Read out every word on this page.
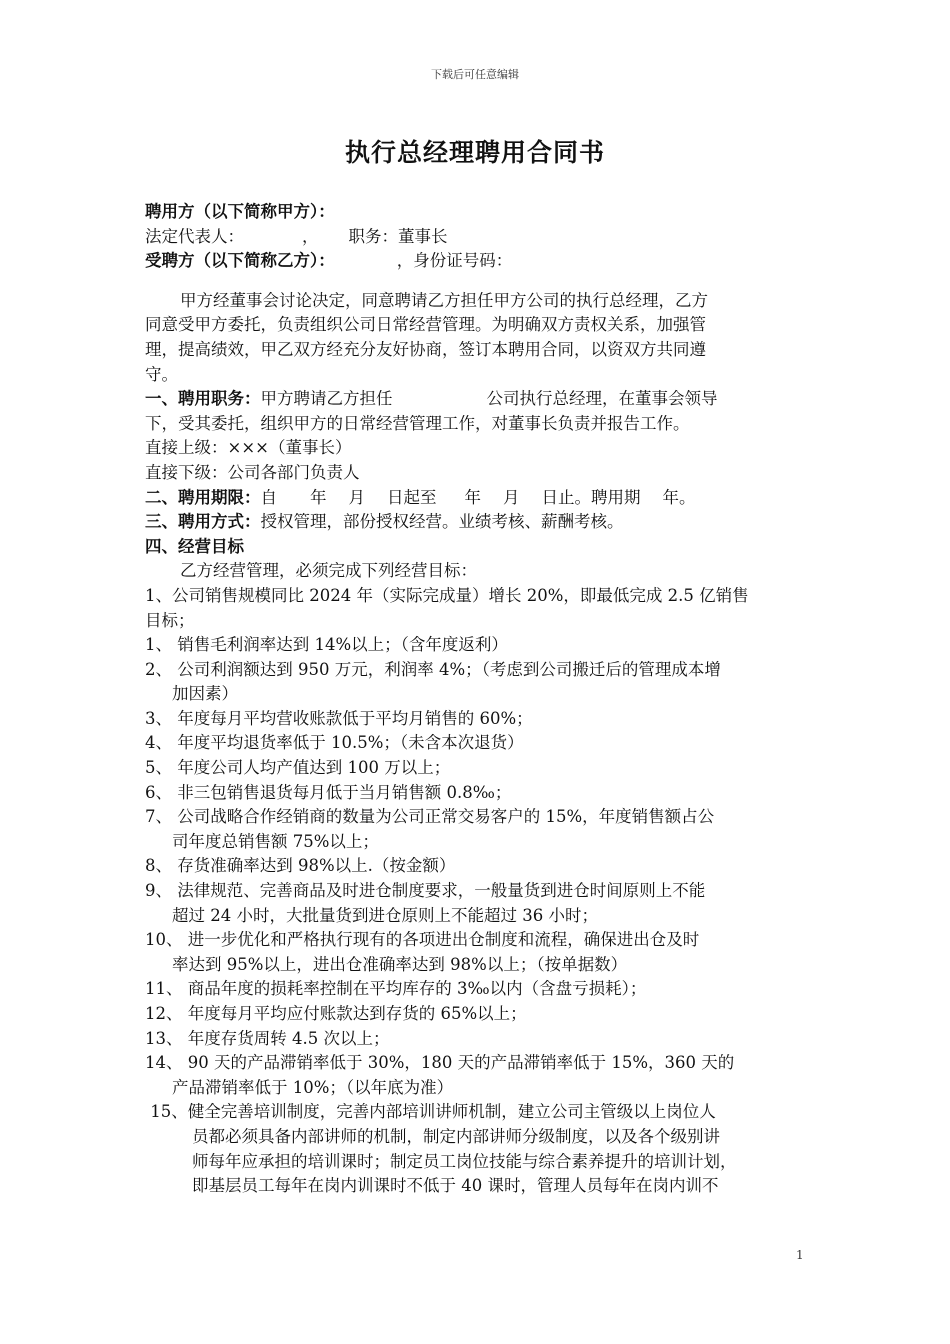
下载后可任意编辑
执行总经理聘用合同书
聘用方（以下简称甲方）：
法定代表人：	， 职务：董事长
受聘方（以下简称乙方）：	，身份证号码：
甲方经董事会讨论决定，同意聘请乙方担任甲方公司的执行总经理，乙方
同意受甲方委托，负责组织公司日常经营管理。为明确双方责权关系，加强管
理，提高绩效，甲乙双方经充分友好协商，签订本聘用合同，以资双方共同遵
守。
一、聘用职务：甲方聘请乙方担任	公司执行总经理，在董事会领导
下，受其委托，组织甲方的日常经营管理工作，对董事长负责并报告工作。
直接上级：×××（董事长）
直接下级：公司各部门负责人
二、聘用期限：自 年 月 日起至 年 月 日止。聘用期 年。
三、聘用方式：授权管理，部份授权经营。业绩考核、薪酬考核。
四、经营目标
乙方经营管理，必须完成下列经营目标：
1、公司销售规模同比 2024 年（实际完成量）增长 20%，即最低完成 2.5 亿销售
目标；
1、 销售毛利润率达到 14%以上；（含年度返利）
2、 公司利润额达到 950 万元，利润率 4%；（考虑到公司搬迁后的管理成本增
加因素）
3、 年度每月平均营收账款低于平均月销售的 60%；
4、 年度平均退货率低于 10.5%；（未含本次退货）
5、 年度公司人均产值达到 100 万以上；
6、 非三包销售退货每月低于当月销售额 0.8‰；
7、 公司战略合作经销商的数量为公司正常交易客户的 15%，年度销售额占公
司年度总销售额 75%以上；
8、 存货准确率达到 98%以上.（按金额）
9、 法律规范、完善商品及时进仓制度要求，一般量货到进仓时间原则上不能
超过 24 小时，大批量货到进仓原则上不能超过 36 小时；
10、 进一步优化和严格执行现有的各项进出仓制度和流程，确保进出仓及时
率达到 95%以上，进出仓准确率达到 98%以上；（按单据数）
11、 商品年度的损耗率控制在平均库存的 3‰以内（含盘亏损耗）；
12、 年度每月平均应付账款达到存货的 65%以上；
13、 年度存货周转 4.5 次以上；
14、 90 天的产品滞销率低于 30%，180 天的产品滞销率低于 15%，360 天的
产品滞销率低于 10%；（以年底为准）
15、健全完善培训制度，完善内部培训讲师机制，建立公司主管级以上岗位人
员都必须具备内部讲师的机制，制定内部讲师分级制度，以及各个级别讲
师每年应承担的培训课时；制定员工岗位技能与综合素养提升的培训计划，
即基层员工每年在岗内训课时不低于 40 课时，管理人员每年在岗内训不
1
